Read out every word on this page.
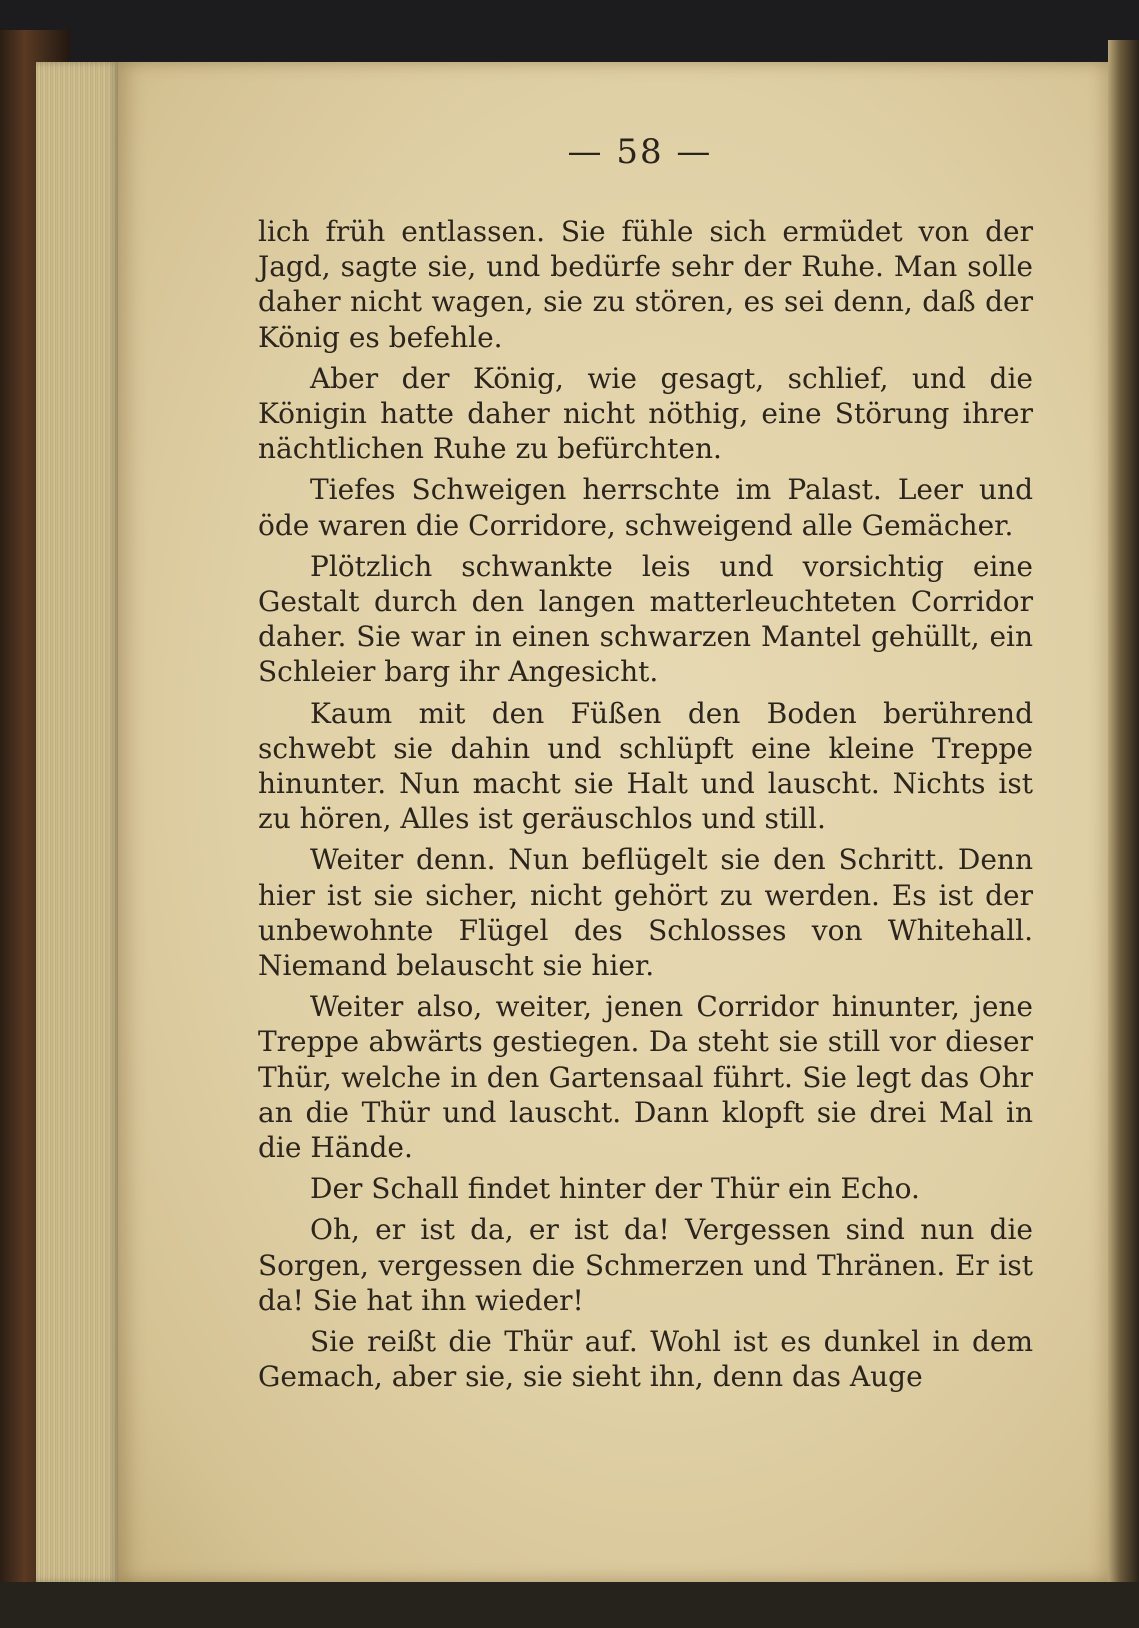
— 58 —

lich früh entlassen. Sie fühle sich ermüdet von der Jagd, sagte sie, und bedürfe sehr der Ruhe. Man solle daher nicht wagen, sie zu stören, es sei denn, daß der König es befehle.

Aber der König, wie gesagt, schlief, und die Königin hatte daher nicht nöthig, eine Störung ihrer nächtlichen Ruhe zu befürchten.

Tiefes Schweigen herrschte im Palast. Leer und öde waren die Corridore, schweigend alle Gemächer.

Plötzlich schwankte leis und vorsichtig eine Gestalt durch den langen matterleuchteten Corridor daher. Sie war in einen schwarzen Mantel gehüllt, ein Schleier barg ihr Angesicht.

Kaum mit den Füßen den Boden berührend schwebt sie dahin und schlüpft eine kleine Treppe hinunter. Nun macht sie Halt und lauscht. Nichts ist zu hören, Alles ist geräuschlos und still.

Weiter denn. Nun beflügelt sie den Schritt. Denn hier ist sie sicher, nicht gehört zu werden. Es ist der unbewohnte Flügel des Schlosses von Whitehall. Niemand belauscht sie hier.

Weiter also, weiter, jenen Corridor hinunter, jene Treppe abwärts gestiegen. Da steht sie still vor dieser Thür, welche in den Gartensaal führt. Sie legt das Ohr an die Thür und lauscht. Dann klopft sie drei Mal in die Hände.

Der Schall findet hinter der Thür ein Echo.

Oh, er ist da, er ist da! Vergessen sind nun die Sorgen, vergessen die Schmerzen und Thränen. Er ist da! Sie hat ihn wieder!

Sie reißt die Thür auf. Wohl ist es dunkel in dem Gemach, aber sie, sie sieht ihn, denn das Auge
